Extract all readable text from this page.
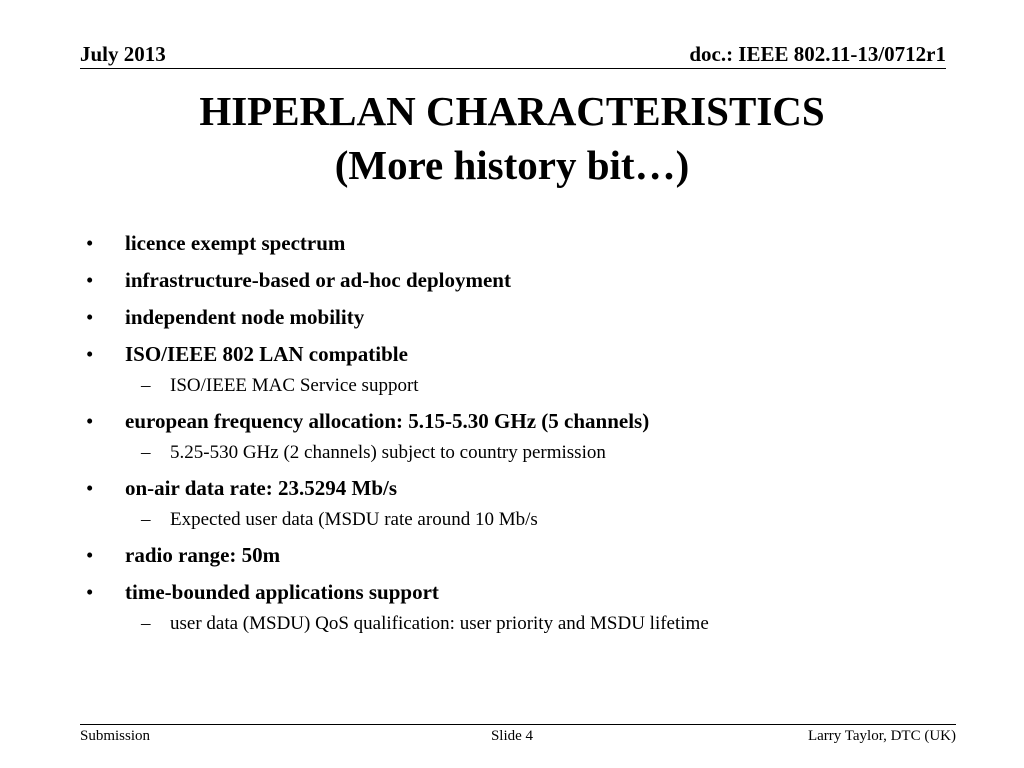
July 2013	doc.: IEEE 802.11-13/0712r1
HIPERLAN CHARACTERISTICS
(More history bit…)
• licence exempt spectrum
• infrastructure-based or ad-hoc deployment
• independent node mobility
• ISO/IEEE 802 LAN compatible
– ISO/IEEE MAC Service support
• european frequency allocation: 5.15-5.30 GHz (5 channels)
– 5.25-530 GHz (2 channels) subject to country permission
• on-air data rate: 23.5294 Mb/s
– Expected user data (MSDU rate around 10 Mb/s
• radio range: 50m
• time-bounded applications support
– user data (MSDU) QoS qualification: user priority and MSDU lifetime
Submission	Slide 4	Larry Taylor, DTC (UK)
